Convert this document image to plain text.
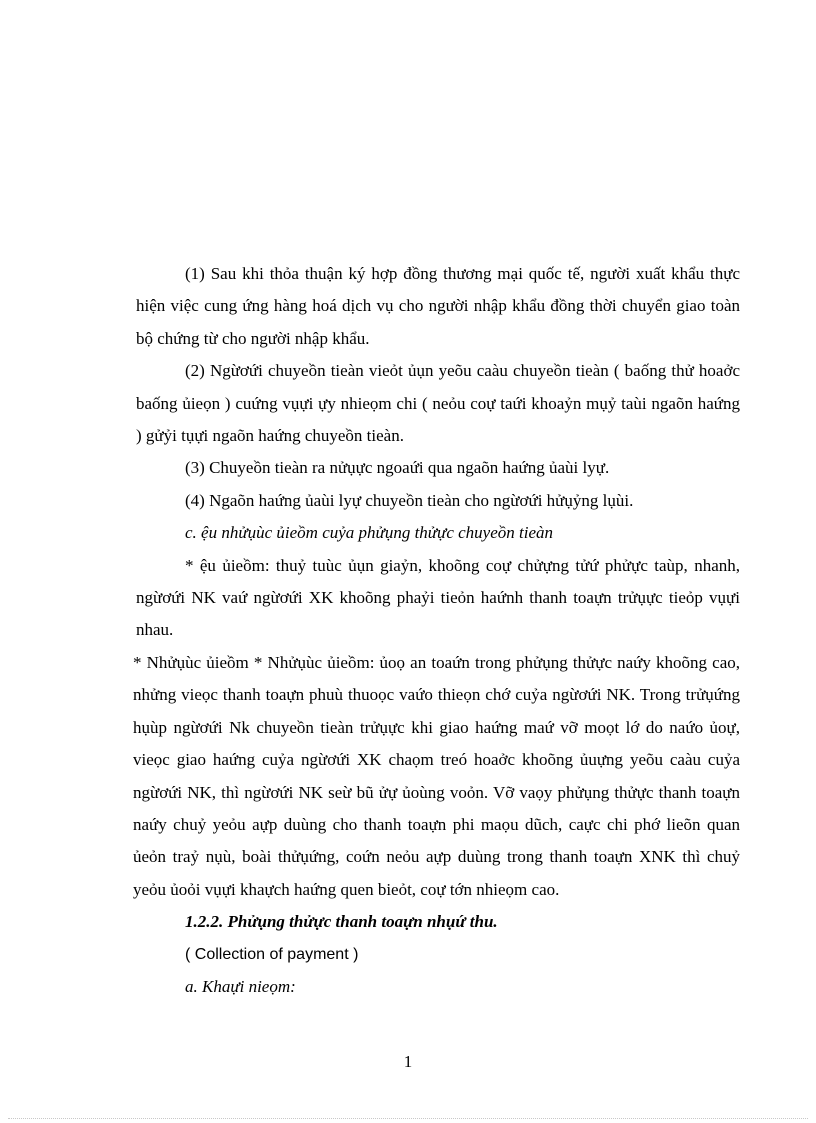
(1) Sau khi thỏa thuận ký hợp đồng thương mại quốc tế, người xuất khẩu thực hiện việc cung ứng hàng hoá dịch vụ cho người nhập khẩu đồng thời chuyển giao toàn bộ chứng từ cho người nhập khẩu.

(2) Ngừơứi chuyeồn tieàn vieỏt ủụn yeõu caàu chuyeồn tieàn ( baống thử hoaởc baống ủieọn ) cuứng vụựi ựy nhieọm chi ( neỏu coự taứi khoaỷn mụỷ taùi ngaõn haứng ) gửỷi tụựi ngaõn haứng chuyeồn tieàn.

(3) Chuyeồn tieàn ra nửụực ngoaứi qua ngaõn haứng ủaùi lyự.

(4) Ngaõn haứng ủaùi lyự chuyeồn tieàn cho ngừơứi hửụỷng lụùi.

c. ệu nhửụùc ủieồm cuỷa phửụng thửực chuyeồn tieàn

* ệu ủieồm: thuỷ tuùc ủụn giaỷn, khoõng coự chửựng tửứ phửực taùp, nhanh, ngừơứi NK vaứ ngừơứi XK khoõng phaỷi tieỏn haứnh thanh toaựn trửụực tieỏp vụựi nhau.

* Nhửụùc ủieồm * Nhửụùc ủieồm: ủoọ an toaứn trong phửụng thửực naứy khoõng cao, nhửng vieọc thanh toaựn phuù thuoọc vaứo thieọn chớ cuỷa ngừơứi NK. Trong trửụứng hụùp ngừơứi Nk chuyeồn tieàn trửụực khi giao haứng maứ vỡ moọt lớ do naứo ủoự, vieọc giao haứng cuỷa ngừơứi XK chaọm treó hoaởc khoõng ủuựng yeõu caàu cuỷa ngừơứi NK, thì ngừơứi NK seừ bũ ửự ủoùng voỏn. Vỡ vaọy phửụng thửực thanh toaựn naứy chuỷ yeỏu aựp duùng cho thanh toaựn phi maọu dũch, caực chi phớ lieõn quan ủeỏn traỷ nụù, boài thửụứng, coứn neỏu aựp duùng trong thanh toaựn XNK thì chuỷ yeỏu ủoỏi vụựi khaựch haứng quen bieỏt, coự tớn nhieọm cao.

1.2.2. Phửụng thửực thanh toaựn nhụứ thu.

( Collection of payment )

a. Khaựi nieọm:

1
